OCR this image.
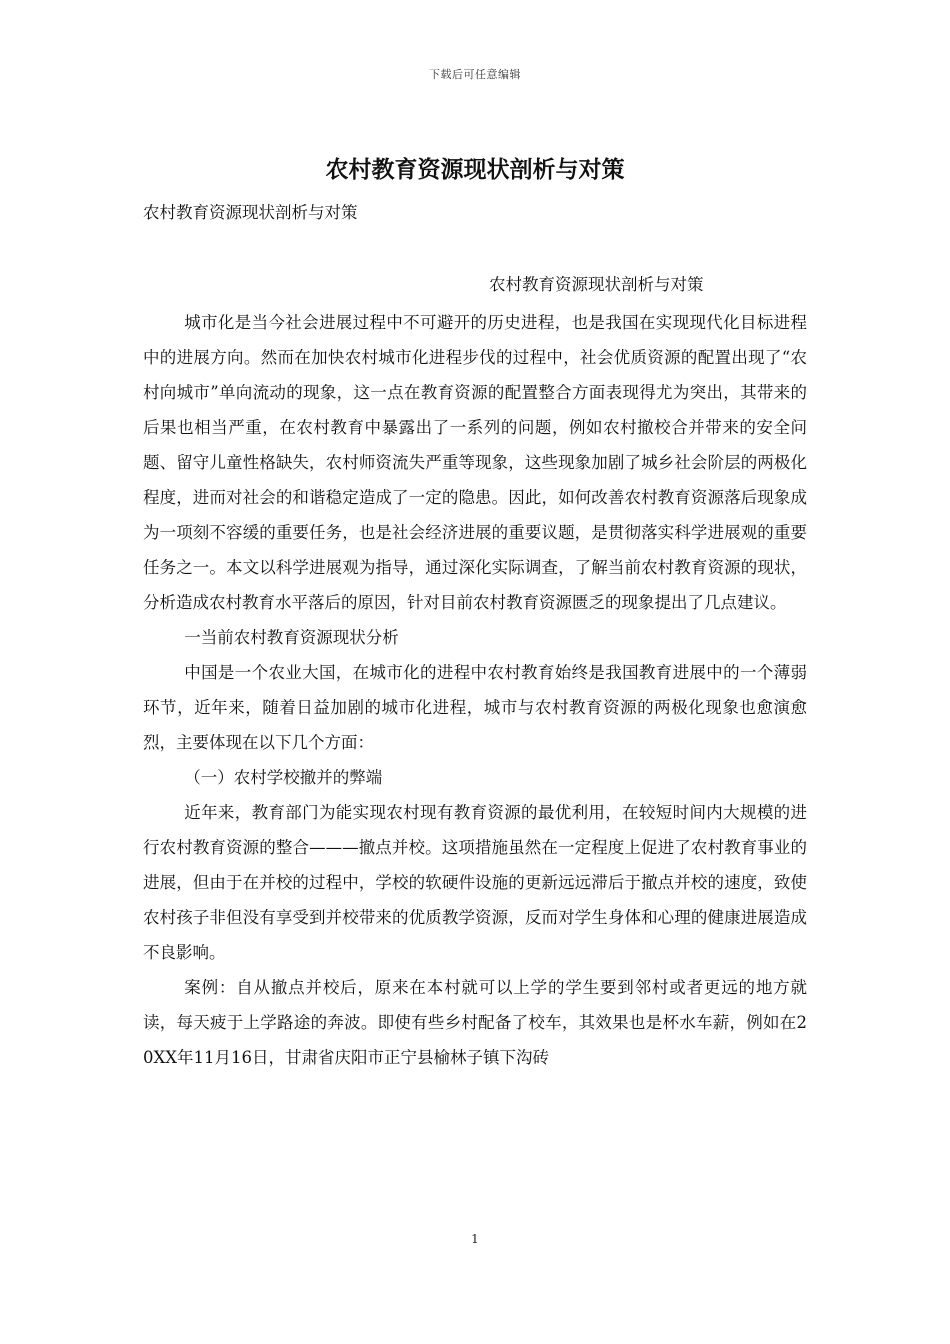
下载后可任意编辑
农村教育资源现状剖析与对策
农村教育资源现状剖析与对策
农村教育资源现状剖析与对策

城市化是当今社会进展过程中不可避开的历史进程，也是我国在实现现代化目标进程中的进展方向。然而在加快农村城市化进程步伐的过程中，社会优质资源的配置出现了“农村向城市”单向流动的现象，这一点在教育资源的配置整合方面表现得尤为突出，其带来的后果也相当严重，在农村教育中暴露出了一系列的问题，例如农村撤校合并带来的安全问题、留守儿童性格缺失，农村师资流失严重等现象，这些现象加剧了城乡社会阶层的两极化程度，进而对社会的和谐稳定造成了一定的隐患。因此，如何改善农村教育资源落后现象成为一项刻不容缓的重要任务，也是社会经济进展的重要议题，是贯彻落实科学进展观的重要任务之一。本文以科学进展观为指导，通过深化实际调查，了解当前农村教育资源的现状，分析造成农村教育水平落后的原因，针对目前农村教育资源匮乏的现象提出了几点建议。

一当前农村教育资源现状分析

中国是一个农业大国，在城市化的进程中农村教育始终是我国教育进展中的一个薄弱环节，近年来，随着日益加剧的城市化进程，城市与农村教育资源的两极化现象也愈演愈烈，主要体现在以下几个方面：

（一）农村学校撤并的弊端

近年来，教育部门为能实现农村现有教育资源的最优利用，在较短时间内大规模的进行农村教育资源的整合———撤点并校。这项措施虽然在一定程度上促进了农村教育事业的进展，但由于在并校的过程中，学校的软硬件设施的更新远远滞后于撤点并校的速度，致使农村孩子非但没有享受到并校带来的优质教学资源，反而对学生身体和心理的健康进展造成不良影响。

案例：自从撤点并校后，原来在本村就可以上学的学生要到邻村或者更远的地方就读，每天疲于上学路途的奔波。即使有些乡村配备了校车，其效果也是杯水车薪，例如在20XX年11月16日，甘肃省庆阳市正宁县榆林子镇下沟砖

1
